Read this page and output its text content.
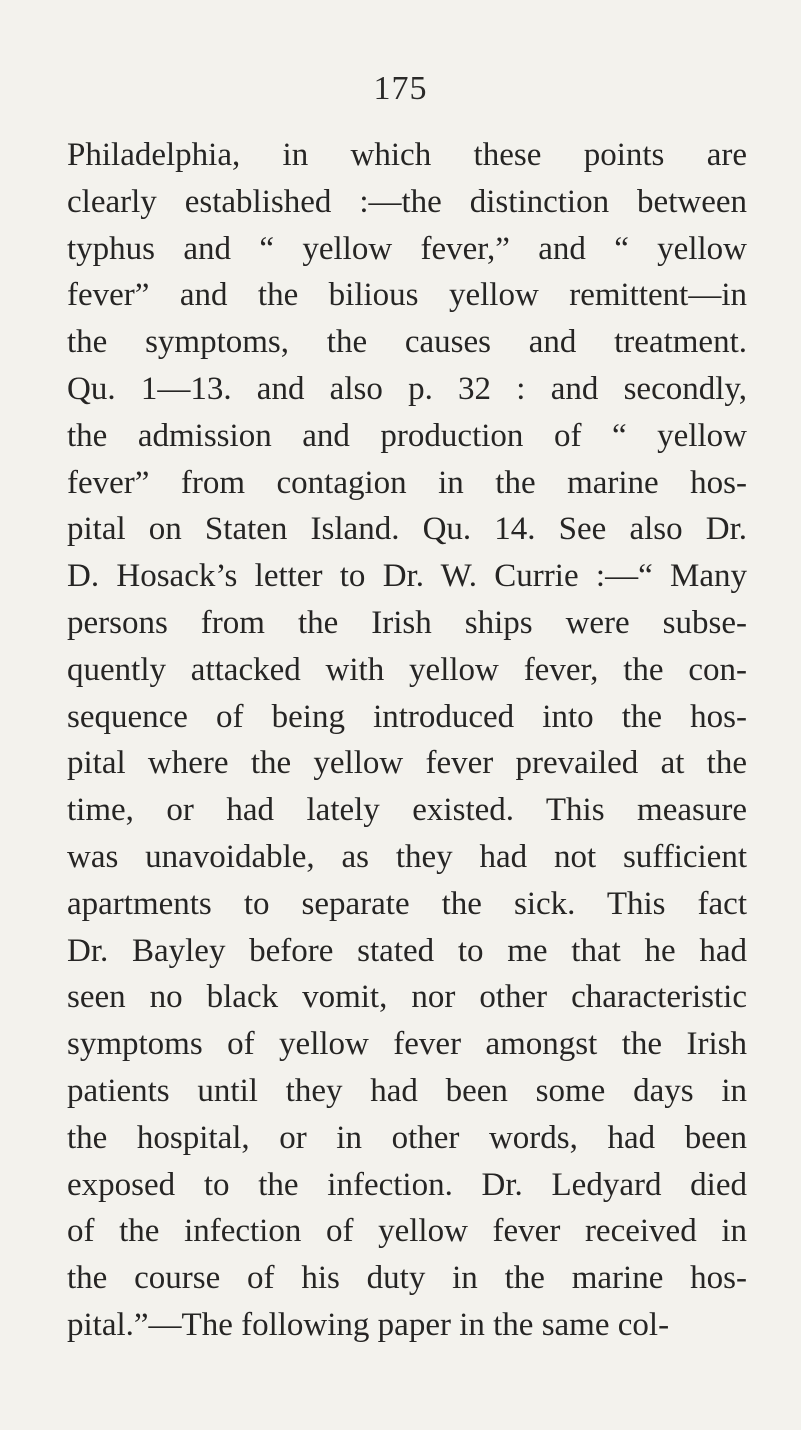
175
Philadelphia, in which these points are
clearly established :—the distinction between
typhus and “ yellow fever,” and “ yellow
fever” and the bilious yellow remittent—in
the symptoms, the causes and treatment.
Qu. 1—13. and also p. 32 : and secondly,
the admission and production of “ yellow
fever” from contagion in the marine hos-
pital on Staten Island. Qu. 14. See also Dr.
D. Hosack’s letter to Dr. W. Currie :—“ Many
persons from the Irish ships were subse-
quently attacked with yellow fever, the con-
sequence of being introduced into the hos-
pital where the yellow fever prevailed at the
time, or had lately existed. This measure
was unavoidable, as they had not sufficient
apartments to separate the sick. This fact
Dr. Bayley before stated to me that he had
seen no black vomit, nor other characteristic
symptoms of yellow fever amongst the Irish
patients until they had been some days in
the hospital, or in other words, had been
exposed to the infection. Dr. Ledyard died
of the infection of yellow fever received in
the course of his duty in the marine hos-
pital.”—The following paper in the same col-
